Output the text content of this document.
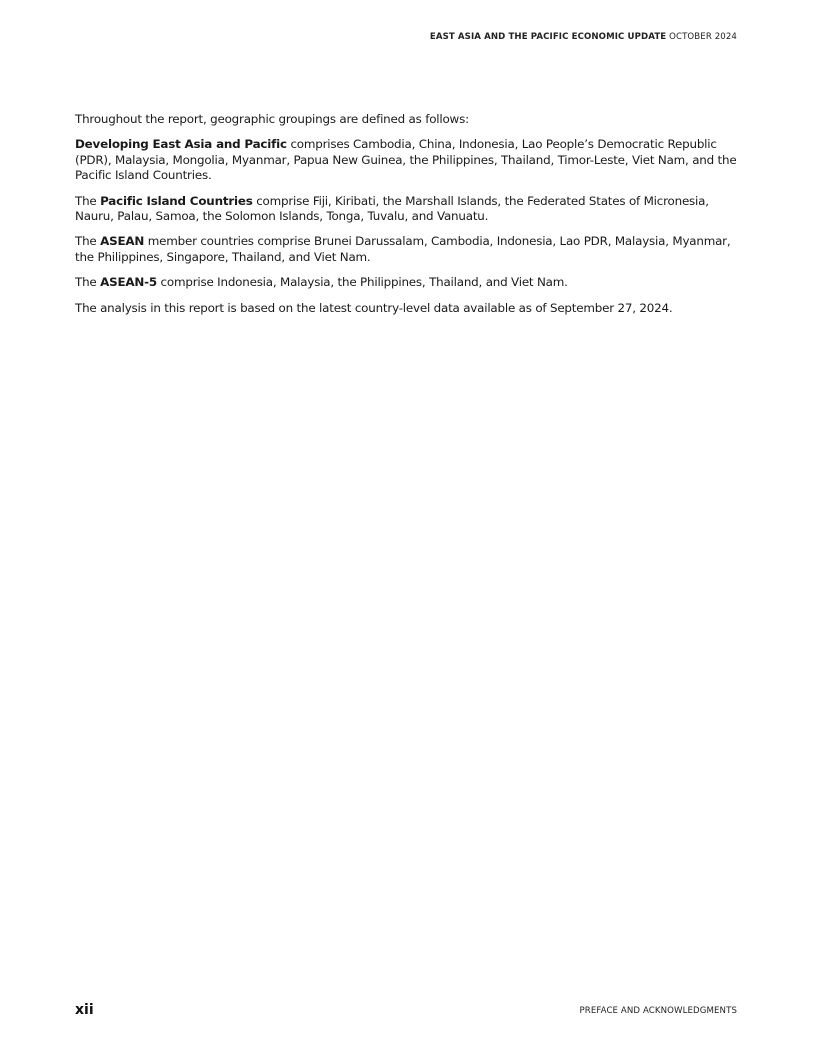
EAST ASIA AND THE PACIFIC ECONOMIC UPDATE OCTOBER 2024

Throughout the report, geographic groupings are defined as follows:

Developing East Asia and Pacific comprises Cambodia, China, Indonesia, Lao People’s Democratic Republic (PDR), Malaysia, Mongolia, Myanmar, Papua New Guinea, the Philippines, Thailand, Timor-Leste, Viet Nam, and the Pacific Island Countries.

The Pacific Island Countries comprise Fiji, Kiribati, the Marshall Islands, the Federated States of Micronesia, Nauru, Palau, Samoa, the Solomon Islands, Tonga, Tuvalu, and Vanuatu.

The ASEAN member countries comprise Brunei Darussalam, Cambodia, Indonesia, Lao PDR, Malaysia, Myanmar, the Philippines, Singapore, Thailand, and Viet Nam.

The ASEAN-5 comprise Indonesia, Malaysia, the Philippines, Thailand, and Viet Nam.

The analysis in this report is based on the latest country-level data available as of September 27, 2024.

xii	PREFACE AND ACKNOWLEDGMENTS
